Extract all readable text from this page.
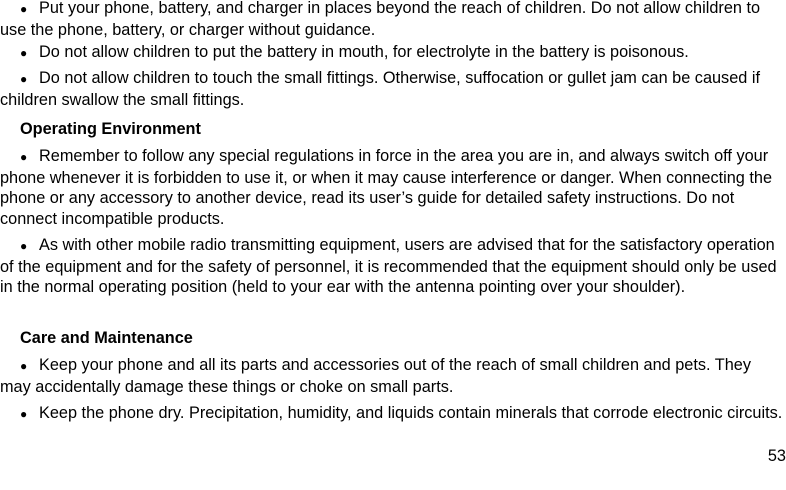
● Put your phone, battery, and charger in places beyond the reach of children. Do not allow children to use the phone, battery, or charger without guidance.

● Do not allow children to put the battery in mouth, for electrolyte in the battery is poisonous.

● Do not allow children to touch the small fittings. Otherwise, suffocation or gullet jam can be caused if children swallow the small fittings.

Operating Environment

● Remember to follow any special regulations in force in the area you are in, and always switch off your phone whenever it is forbidden to use it, or when it may cause interference or danger. When connecting the phone or any accessory to another device, read its user’s guide for detailed safety instructions. Do not connect incompatible products.

● As with other mobile radio transmitting equipment, users are advised that for the satisfactory operation of the equipment and for the safety of personnel, it is recommended that the equipment should only be used in the normal operating position (held to your ear with the antenna pointing over your shoulder).

Care and Maintenance

● Keep your phone and all its parts and accessories out of the reach of small children and pets. They may accidentally damage these things or choke on small parts.

● Keep the phone dry. Precipitation, humidity, and liquids contain minerals that corrode electronic circuits.

53
